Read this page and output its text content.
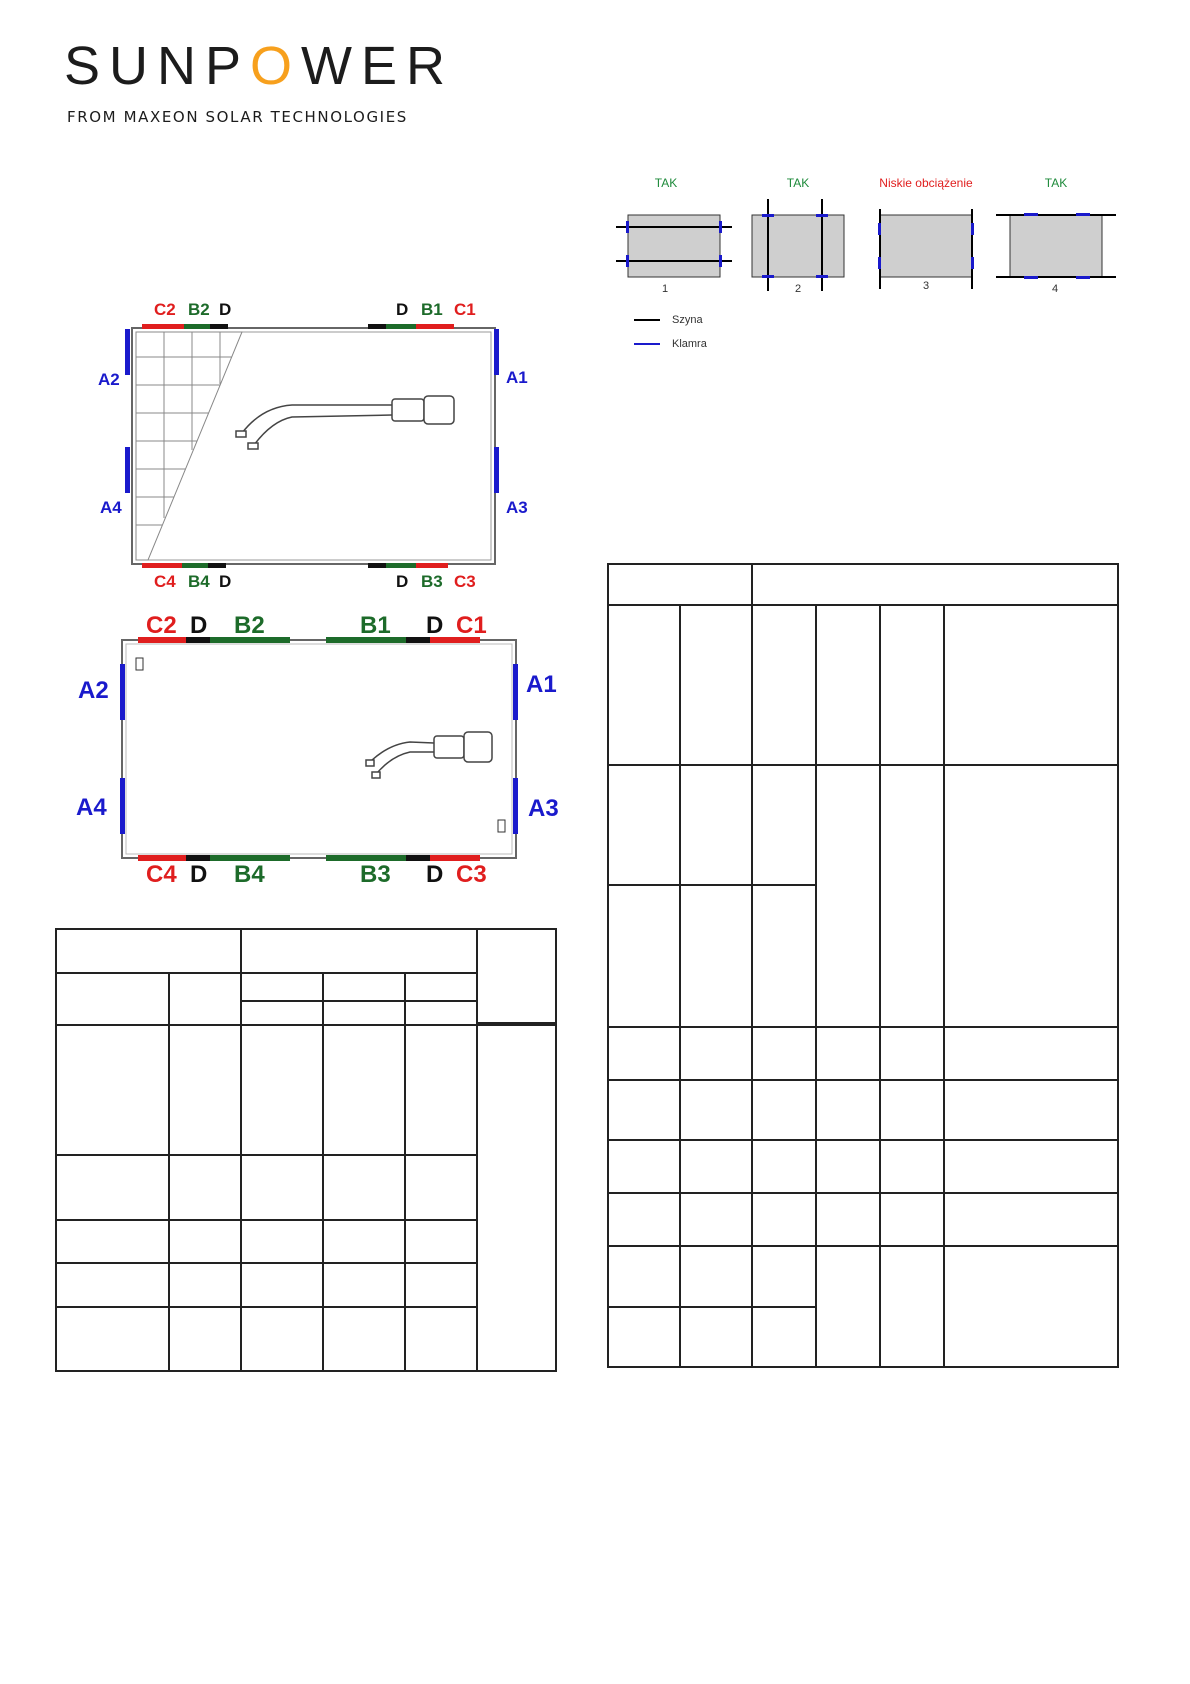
SUNPOWER
FROM MAXEON SOLAR TECHNOLOGIES
TAK	TAK	Niskie obciążenie	TAK
1	2	3	4
Szyna
Klamra
C2 B2 D	D B1 C1
C4 B4 D	D B3 C3
A2
A4
A1
A3
C2 D B2	B1 D C1
C4 D B4	B3 D C3
A2
A4
A1
A3
